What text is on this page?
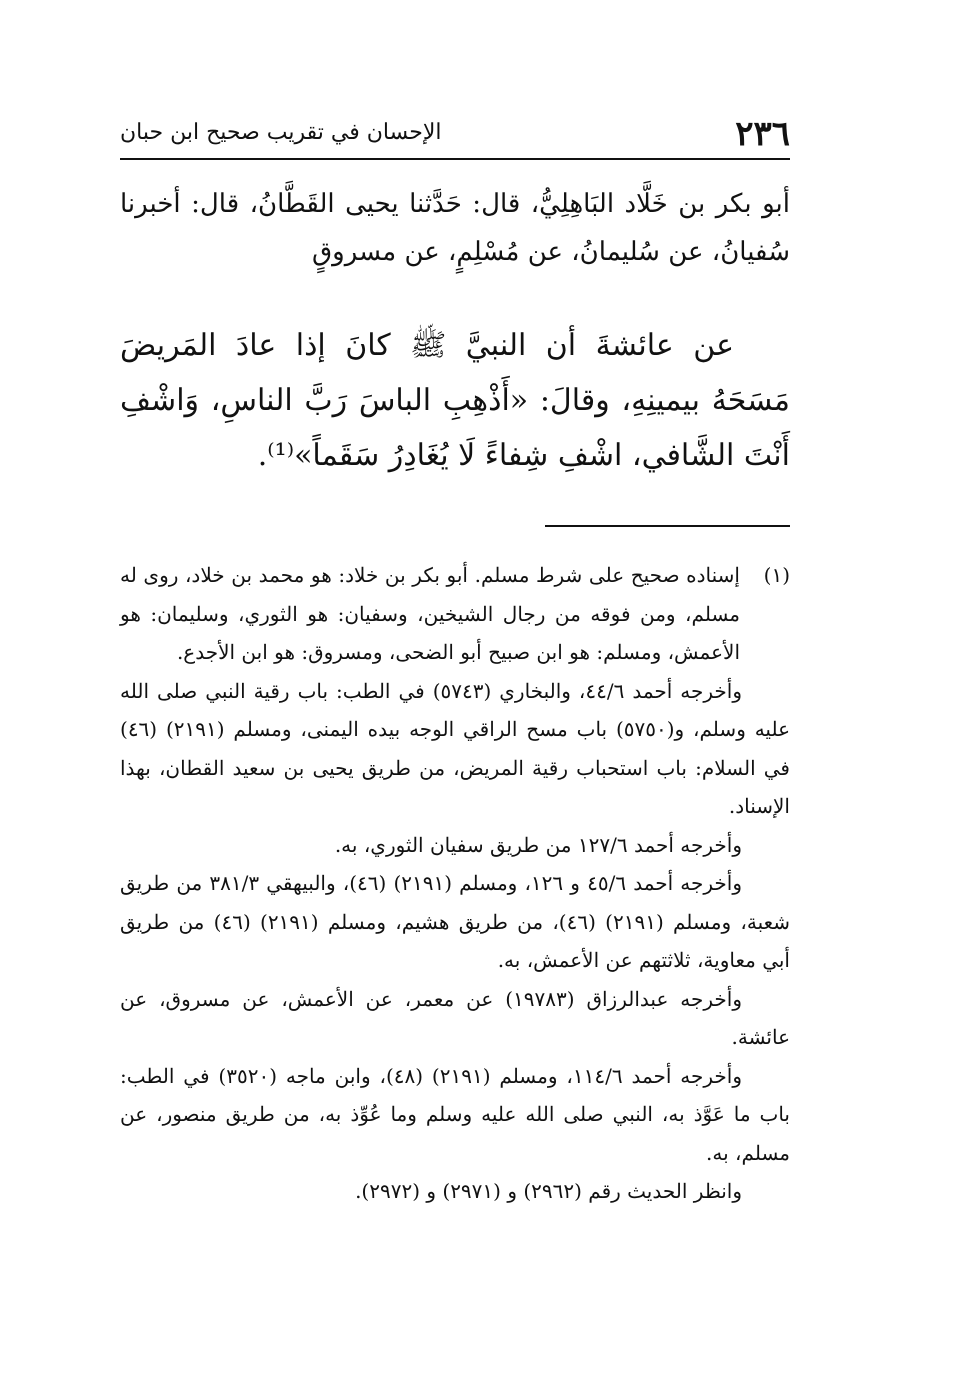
٢٣٦
الإحسان في تقريب صحيح ابن حبان

أبو بكر بن خَلَّاد البَاهِلِيُّ، قال: حَدَّثنا يحيى القَطَّانُ، قال: أخبرنا سُفيانُ، عن سُليمانُ، عن مُسْلِمٍ، عن مسروقٍ

عن عائشةَ أن النبيَّ ﷺ كانَ إذا عادَ المَريضَ مَسَحَهُ بيمينِهِ، وقالَ: «أَذْهِبِ الباسَ رَبَّ الناسِ، وَاشْفِ أَنْتَ الشَّافي، اشْفِ شِفاءً لَا يُغَادِرُ سَقَماً»⁽¹⁾.

(١)إسناده صحيح على شرط مسلم. أبو بكر بن خلاد: هو محمد بن خلاد، روى له مسلم، ومن فوقه من رجال الشيخين، وسفيان: هو الثوري، وسليمان: هو الأعمش، ومسلم: هو ابن صبيح أبو الضحى، ومسروق: هو ابن الأجدع.

وأخرجه أحمد ٤٤/٦، والبخاري (٥٧٤٣) في الطب: باب رقية النبي صلى الله عليه وسلم، و(٥٧٥٠) باب مسح الراقي الوجه بيده اليمنى، ومسلم (٢١٩١) (٤٦) في السلام: باب استحباب رقية المريض، من طريق يحيى بن سعيد القطان، بهذا الإسناد.

وأخرجه أحمد ١٢٧/٦ من طريق سفيان الثوري، به.

وأخرجه أحمد ٤٥/٦ و ١٢٦، ومسلم (٢١٩١) (٤٦)، والبيهقي ٣٨١/٣ من طريق شعبة، ومسلم (٢١٩١) (٤٦)، من طريق هشيم، ومسلم (٢١٩١) (٤٦) من طريق أبي معاوية، ثلاثتهم عن الأعمش، به.

وأخرجه عبدالرزاق (١٩٧٨٣) عن معمر، عن الأعمش، عن مسروق، عن عائشة.

وأخرجه أحمد ١١٤/٦، ومسلم (٢١٩١) (٤٨)، وابن ماجه (٣٥٢٠) في الطب: باب ما عَوَّذ به، النبي صلى الله عليه وسلم وما عُوِّذ به، من طريق منصور، عن مسلم، به.

وانظر الحديث رقم (٢٩٦٢) و (٢٩٧١) و (٢٩٧٢).
